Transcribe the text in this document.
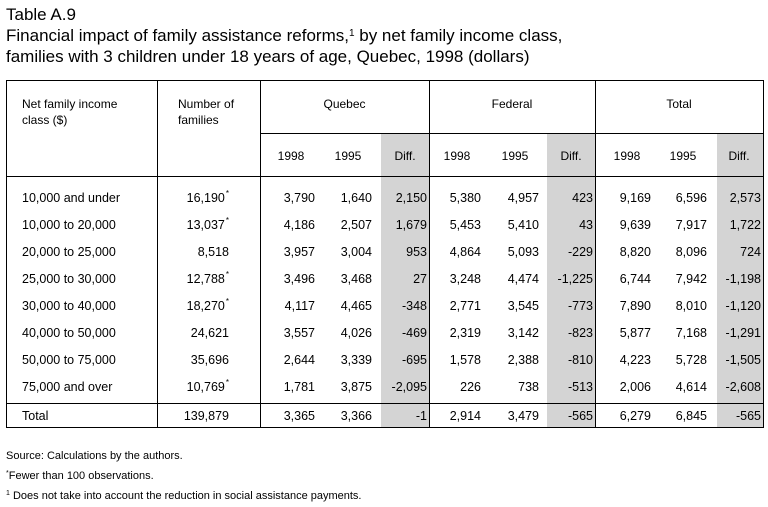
Table A.9
Financial impact of family assistance reforms,$^1$ by net family income class,
families with 3 children under 18 years of age, Quebec, 1998 (dollars)
Net family income class ($)
Number of families
Quebec	Federal	Total
1998	1995	Diff.	1998	1995	Diff.	1998	1995	Diff.
10,000 and under	16,190*	3,790	1,640	2,150	5,380	4,957	423	9,169	6,596	2,573
10,000 to 20,000	13,037*	4,186	2,507	1,679	5,453	5,410	43	9,639	7,917	1,722
20,000 to 25,000	8,518	3,957	3,004	953	4,864	5,093	-229	8,820	8,096	724
25,000 to 30,000	12,788*	3,496	3,468	27	3,248	4,474	-1,225	6,744	7,942	-1,198
30,000 to 40,000	18,270*	4,117	4,465	-348	2,771	3,545	-773	7,890	8,010	-1,120
40,000 to 50,000	24,621	3,557	4,026	-469	2,319	3,142	-823	5,877	7,168	-1,291
50,000 to 75,000	35,696	2,644	3,339	-695	1,578	2,388	-810	4,223	5,728	-1,505
75,000 and over	10,769*	1,781	3,875	-2,095	226	738	-513	2,006	4,614	-2,608
Total	139,879	3,365	3,366	-1	2,914	3,479	-565	6,279	6,845	-565
Source: Calculations by the authors.
*Fewer than 100 observations.
$^1$ Does not take into account the reduction in social assistance payments.
